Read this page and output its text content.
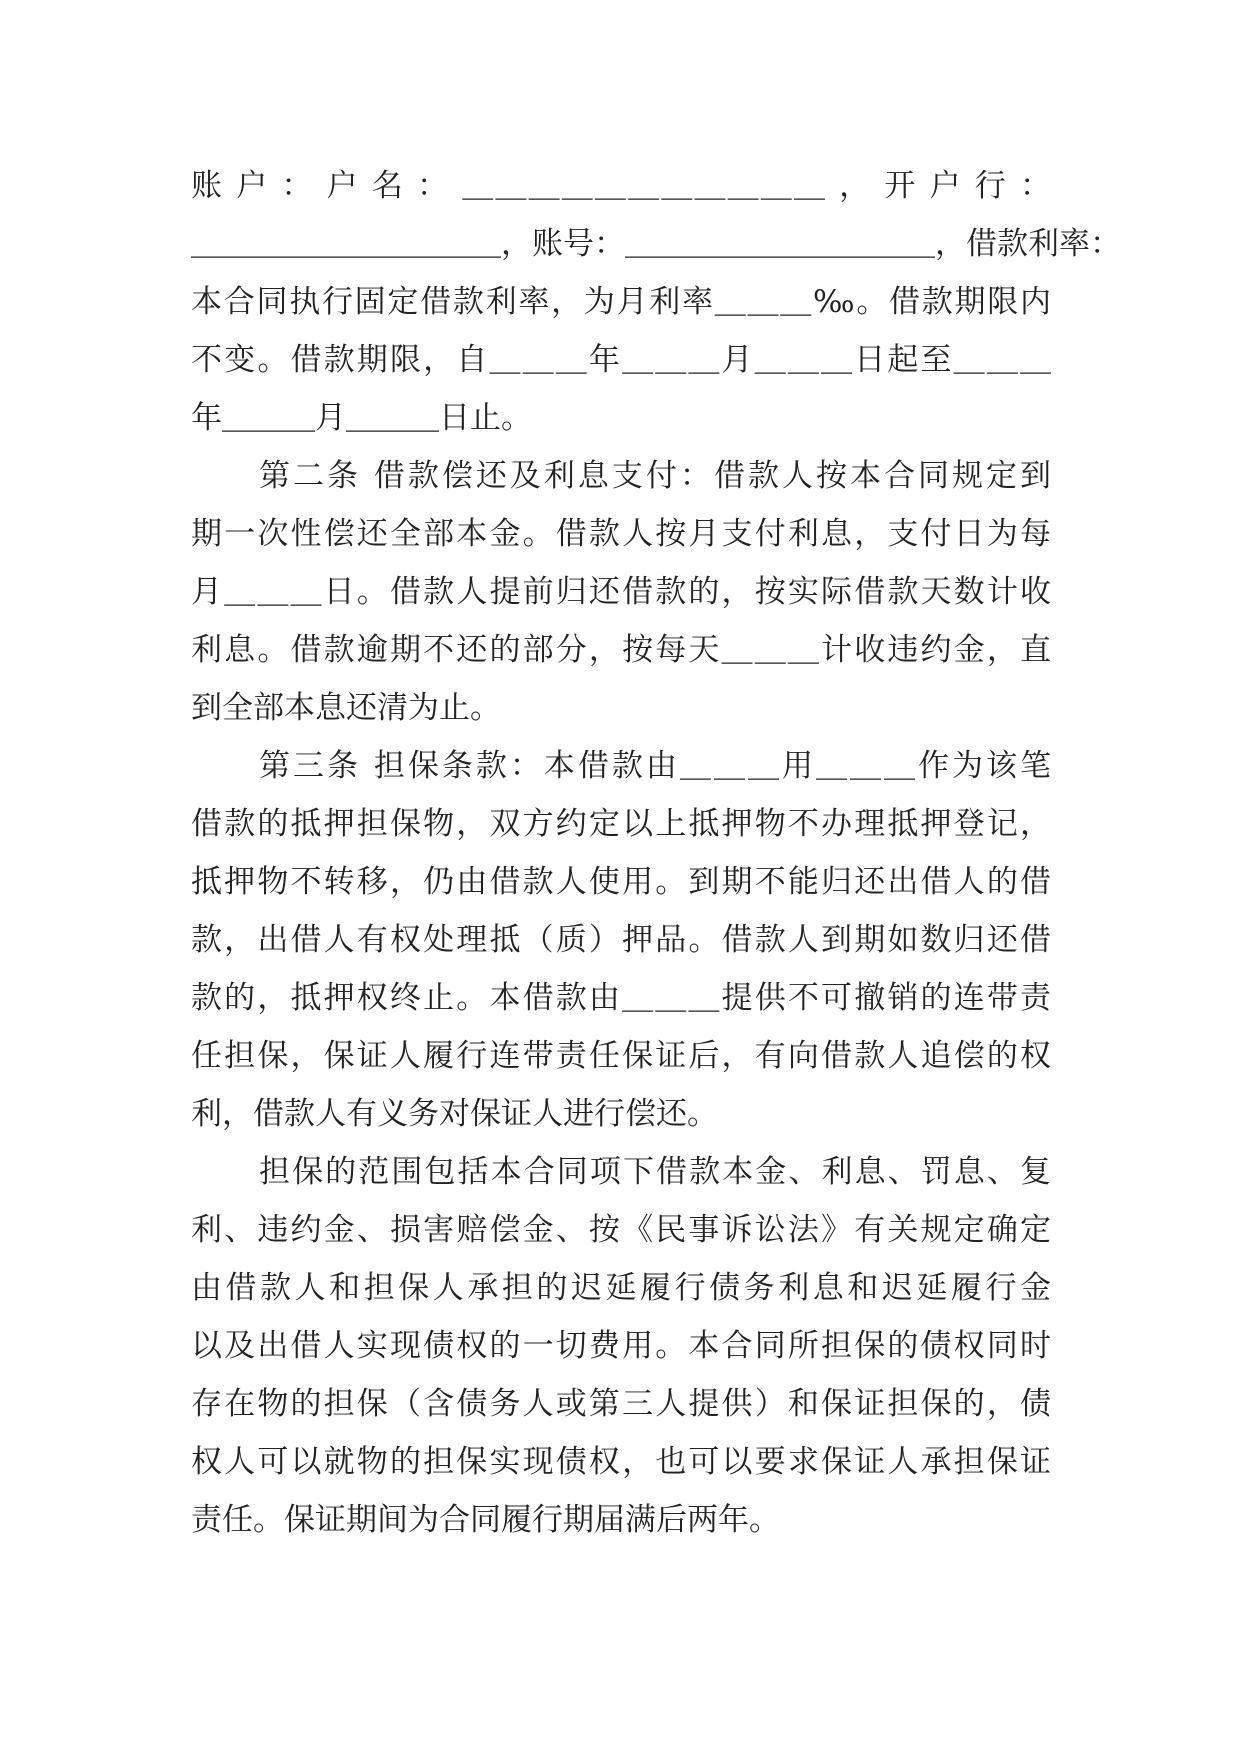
账 户 ： 户 名 ： ＿＿＿＿＿＿＿＿＿＿＿ ， 开 户 行 ：
＿＿＿＿＿＿＿＿＿＿，账号：＿＿＿＿＿＿＿＿＿＿，借款利率：
本合同执行固定借款利率，为月利率＿＿＿‰。借款期限内
不变。借款期限，自＿＿＿年＿＿＿月＿＿＿日起至＿＿＿
年＿＿＿月＿＿＿日止。
第二条 借款偿还及利息支付：借款人按本合同规定到
期一次性偿还全部本金。借款人按月支付利息，支付日为每
月＿＿＿日。借款人提前归还借款的，按实际借款天数计收
利息。借款逾期不还的部分，按每天＿＿＿计收违约金，直
到全部本息还清为止。
第三条 担保条款：本借款由＿＿＿用＿＿＿作为该笔
借款的抵押担保物，双方约定以上抵押物不办理抵押登记，
抵押物不转移，仍由借款人使用。到期不能归还出借人的借
款，出借人有权处理抵（质）押品。借款人到期如数归还借
款的，抵押权终止。本借款由＿＿＿提供不可撤销的连带责
任担保，保证人履行连带责任保证后，有向借款人追偿的权
利，借款人有义务对保证人进行偿还。
担保的范围包括本合同项下借款本金、利息、罚息、复
利、违约金、损害赔偿金、按《民事诉讼法》有关规定确定
由借款人和担保人承担的迟延履行债务利息和迟延履行金
以及出借人实现债权的一切费用。本合同所担保的债权同时
存在物的担保（含债务人或第三人提供）和保证担保的，债
权人可以就物的担保实现债权，也可以要求保证人承担保证
责任。保证期间为合同履行期届满后两年。
